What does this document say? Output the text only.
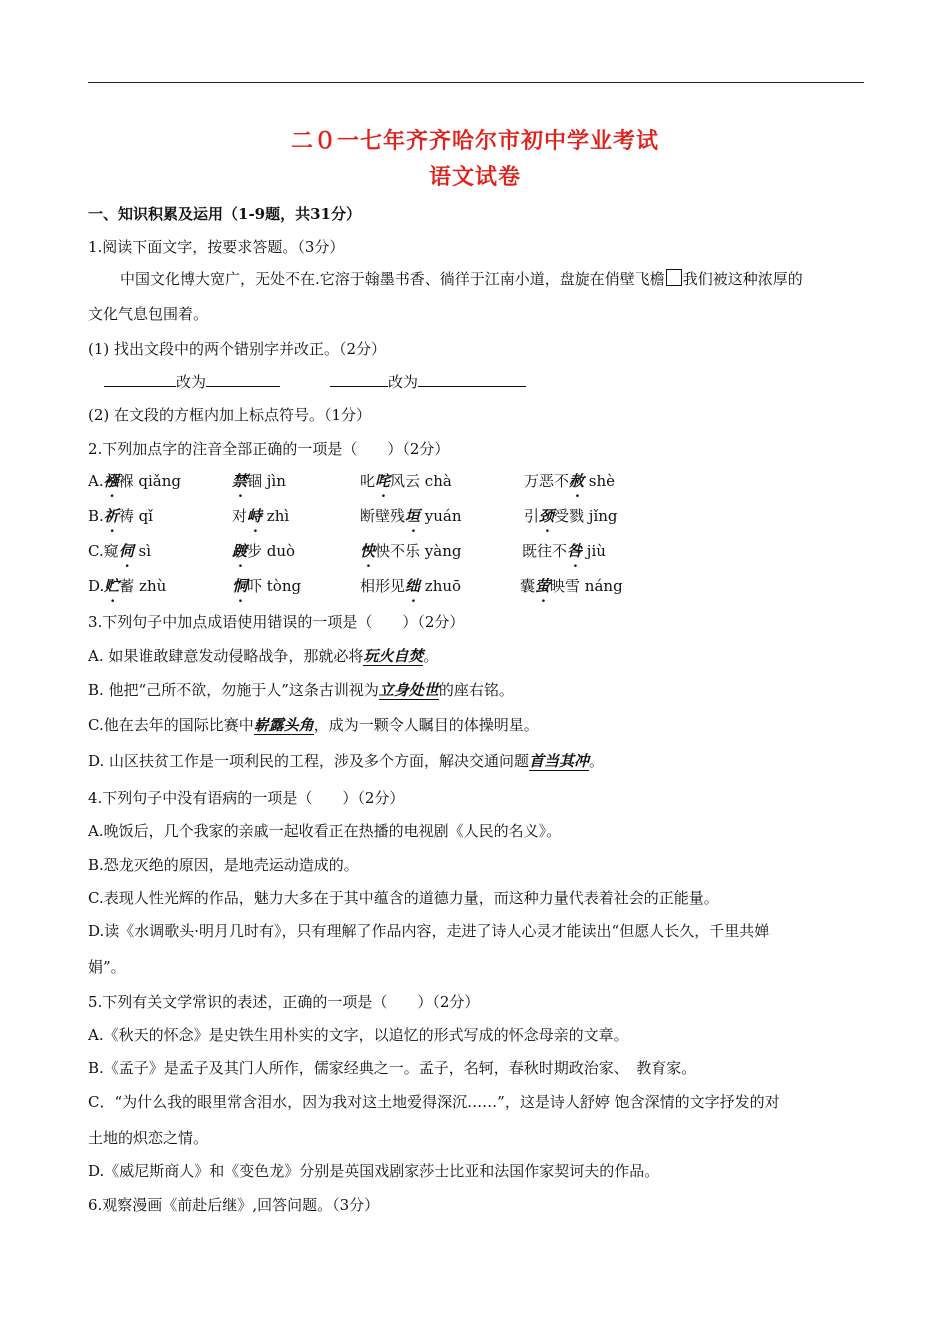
二０一七年齐齐哈尔市初中学业考试
语文试卷
一、知识积累及运用（1-9题，共31分）
1.阅读下面文字，按要求答题。（3分）
中国文化博大宽广，无处不在.它溶于翰墨书香、徜徉于江南小道，盘旋在俏壁飞檐 我们被这种浓厚的
文化气息包围着。
(1) 找出文段中的两个错别字并改正。（2分）
改为	改为
(2) 在文段的方框内加上标点符号。（1分）
2.下列加点字的注音全部正确的一项是（　　）（2分）
A.襁褓 qiǎng	禁锢 jìn	叱咤风云 chà	万恶不赦 shè
B.祈祷 qǐ	对峙 zhì	断壁残垣 yuán	引颈受戮 jǐng
C.窥伺 sì	踱步 duò	怏怏不乐 yàng	既往不咎 jiù
D.贮蓄 zhù	恫吓 tòng	相形见绌 zhuō	囊萤映雪 náng
3.下列句子中加点成语使用错误的一项是（　　）（2分）
A. 如果谁敢肆意发动侵略战争，那就必将玩火自焚。
B. 他把“己所不欲，勿施于人”这条古训视为立身处世的座右铭。
C.他在去年的国际比赛中崭露头角，成为一颗令人瞩目的体操明星。
D. 山区扶贫工作是一项利民的工程，涉及多个方面，解决交通问题首当其冲。
4.下列句子中没有语病的一项是（　　）（2分）
A.晚饭后，几个我家的亲戚一起收看正在热播的电视剧《人民的名义》。
B.恐龙灭绝的原因，是地壳运动造成的。
C.表现人性光辉的作品，魅力大多在于其中蕴含的道德力量，而这种力量代表着社会的正能量。
D.读《水调歌头·明月几时有》，只有理解了作品内容，走进了诗人心灵才能读出“但愿人长久，千里共婵
娟”。
5.下列有关文学常识的表述，正确的一项是（　　）（2分）
A.《秋天的怀念》是史铁生用朴实的文字，以追忆的形式写成的怀念母亲的文章。
B.《孟子》是孟子及其门人所作，儒家经典之一。孟子，名轲，春秋时期政治家、　教育家。
C．“为什么我的眼里常含泪水，因为我对这土地爱得深沉……”，这是诗人舒婷 饱含深情的文字抒发的对
土地的炽恋之情。
D.《威尼斯商人》和《变色龙》分别是英国戏剧家莎士比亚和法国作家契诃夫的作品。
6.观察漫画《前赴后继》,回答问题。（3分）
